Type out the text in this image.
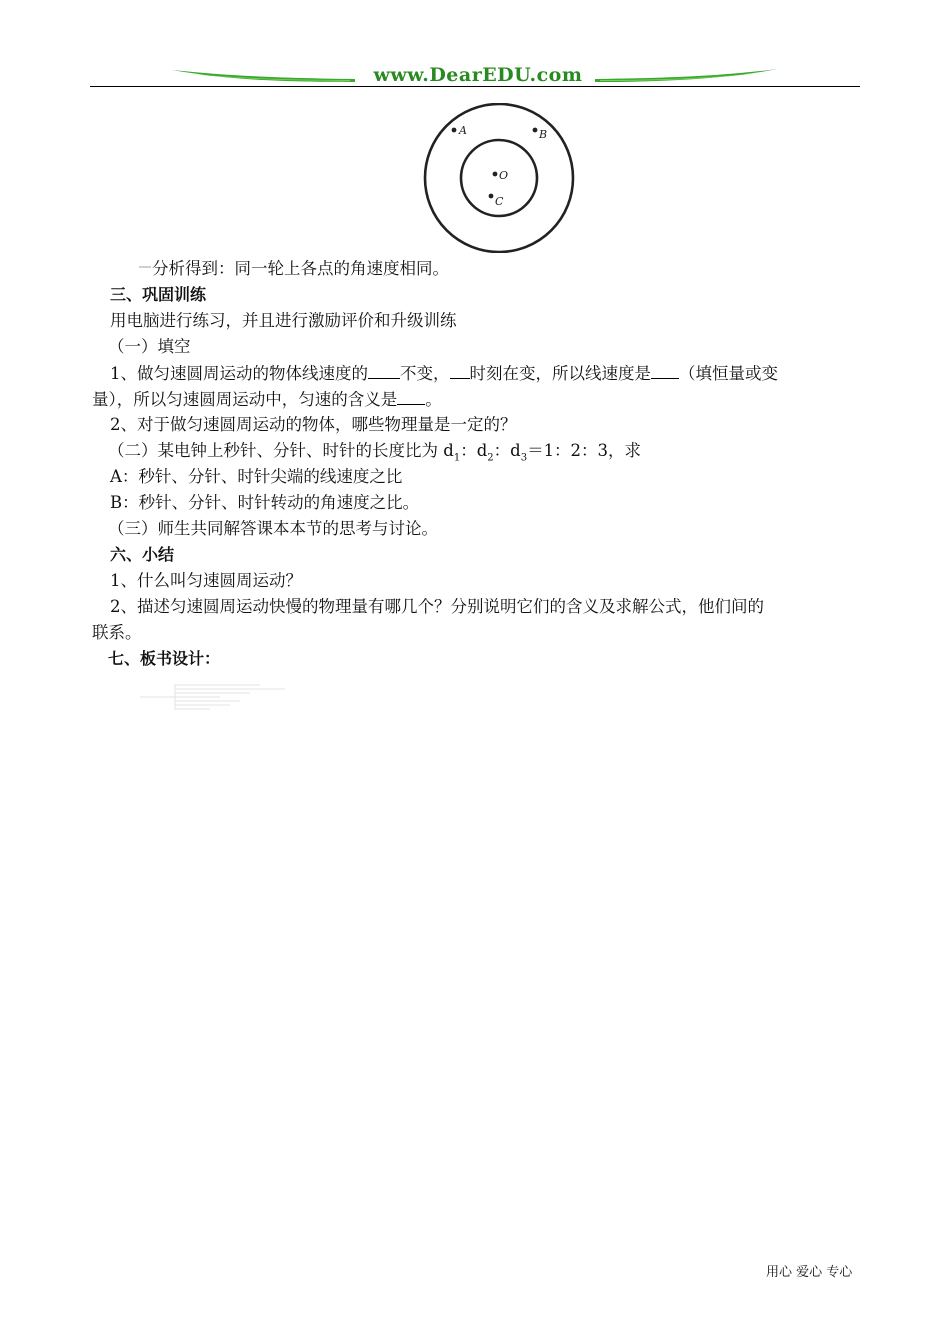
www.DearEDU.com
A	B
O
C
分析得到：同一轮上各点的角速度相同。
三、巩固训练
用电脑进行练习，并且进行激励评价和升级训练
（一）填空
1、做匀速圆周运动的物体线速度的 不变， 时刻在变，所以线速度是 （填恒量或变
量），所以匀速圆周运动中，匀速的含义是 。
2、对于做匀速圆周运动的物体，哪些物理量是一定的？
（二）某电钟上秒针、分针、时针的长度比为 $d_1$：$d_2$：$d_3=1$：2：3，求
A：秒针、分针、时针尖端的线速度之比
B：秒针、分针、时针转动的角速度之比。
（三）师生共同解答课本本节的思考与讨论。
六、小结
1、什么叫匀速圆周运动？
2、描述匀速圆周运动快慢的物理量有哪几个？分别说明它们的含义及求解公式，他们间的
联系。
七、板书设计：
用心 爱心 专心
